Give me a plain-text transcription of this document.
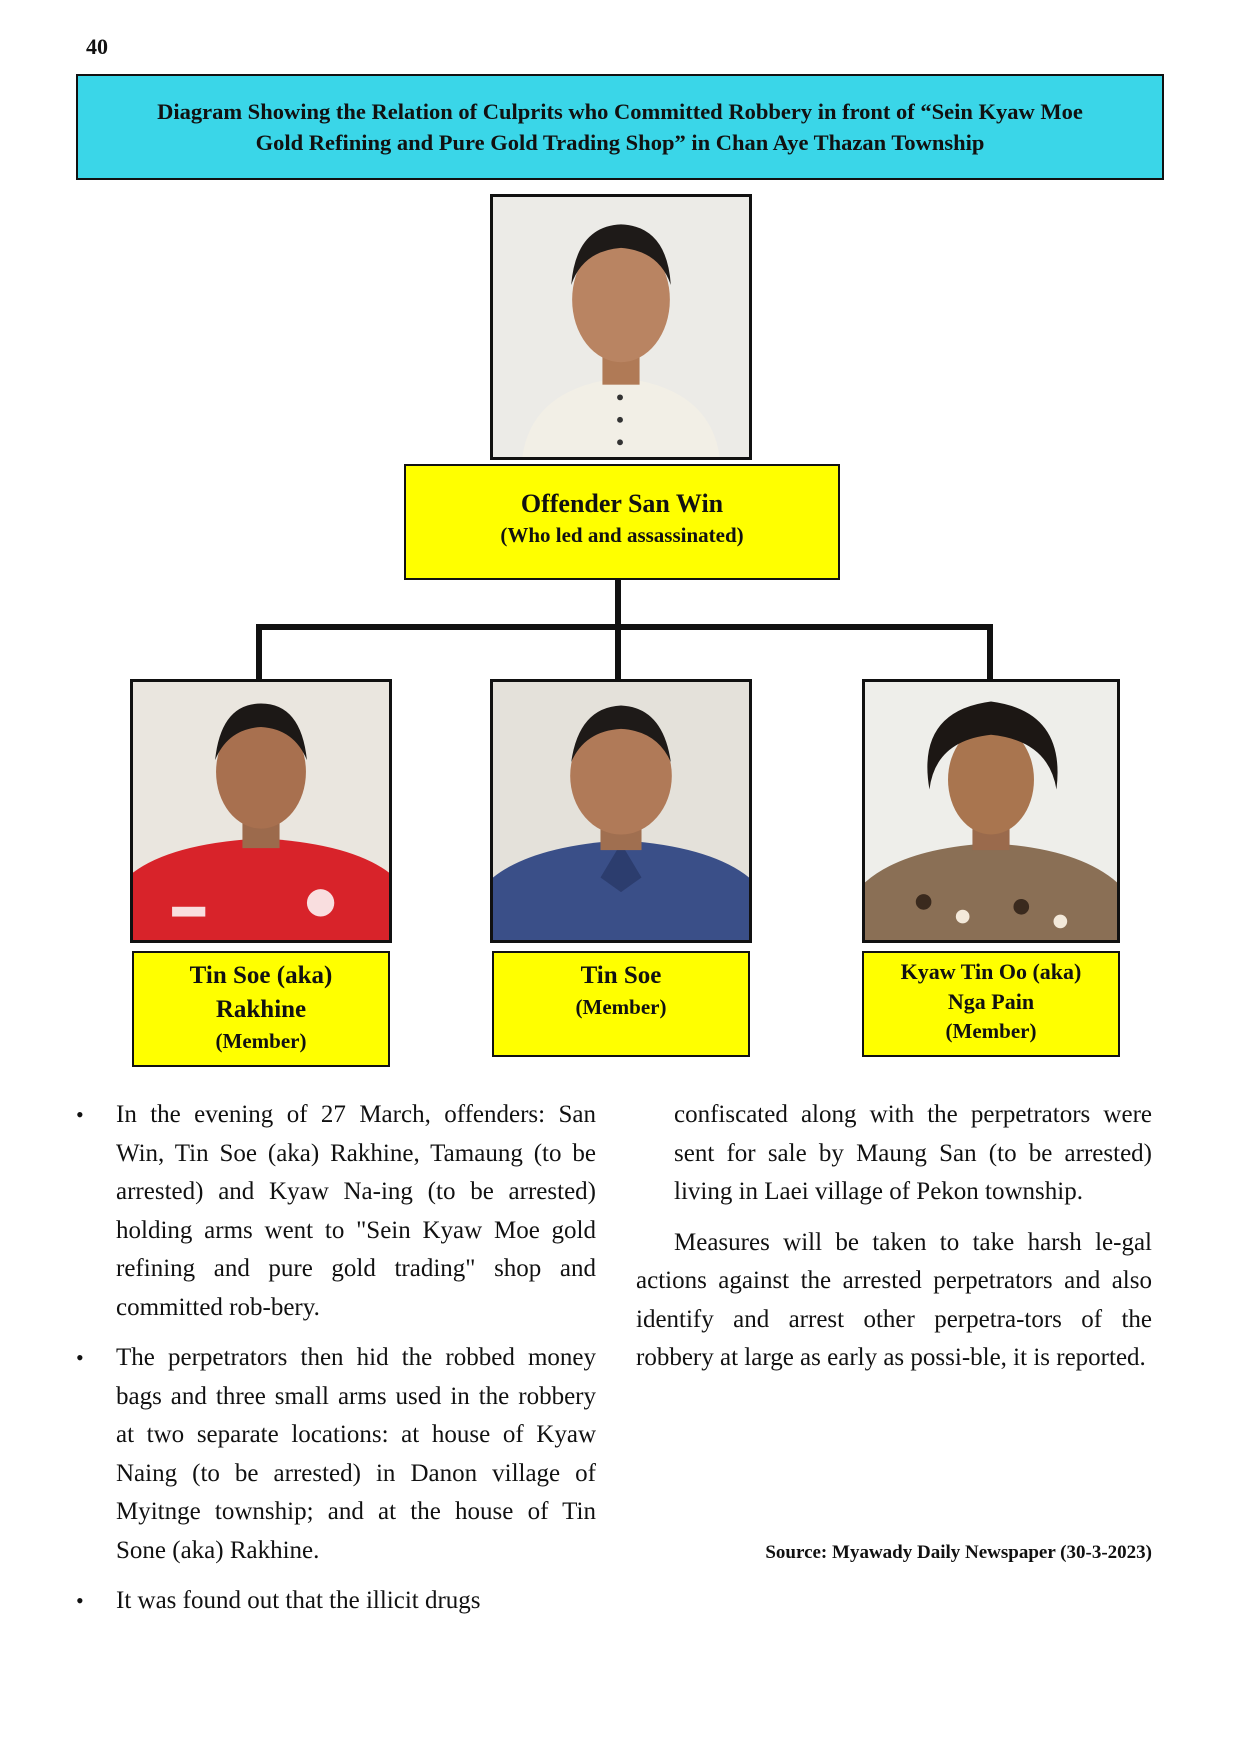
40
Diagram Showing the Relation of Culprits who Committed Robbery in front of “Sein Kyaw Moe
Gold Refining and Pure Gold Trading Shop” in Chan Aye Thazan Township
Offender San Win
(Who led and assassinated)
Tin Soe (aka)
Rakhine
(Member)
Tin Soe
(Member)
Kyaw Tin Oo (aka)
Nga Pain
(Member)
• In the evening of 27 March, offenders: San Win, Tin Soe (aka) Rakhine, Tamaung (to be arrested) and Kyaw Na-ing (to be arrested) holding arms went to "Sein Kyaw Moe gold refining and pure gold trading" shop and committed rob-bery.
• The perpetrators then hid the robbed money bags and three small arms used in the robbery at two separate locations: at house of Kyaw Naing (to be arrested) in Danon village of Myitnge township; and at the house of Tin Sone (aka) Rakhine.
• It was found out that the illicit drugs

confiscated along with the perpetrators were sent for sale by Maung San (to be arrested) living in Laei village of Pekon township.

Measures will be taken to take harsh le-gal actions against the arrested perpetrators and also identify and arrest other perpetra-tors of the robbery at large as early as possi-ble, it is reported.

Source: Myawady Daily Newspaper (30-3-2023)
